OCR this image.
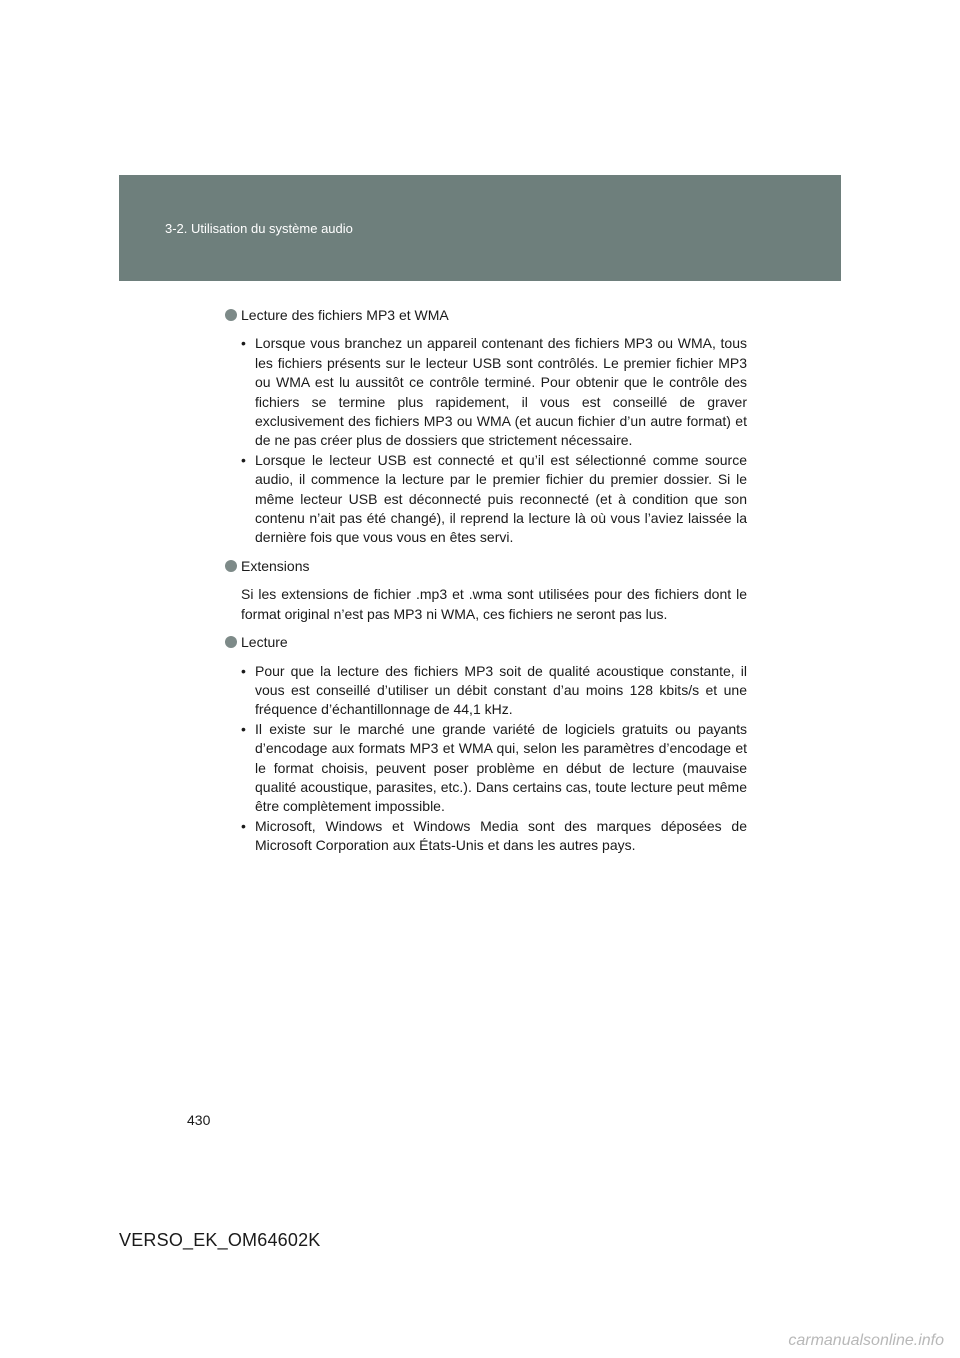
3-2. Utilisation du système audio
Lecture des fichiers MP3 et WMA
• Lorsque vous branchez un appareil contenant des fichiers MP3 ou WMA, tous les fichiers présents sur le lecteur USB sont contrôlés. Le premier fichier MP3 ou WMA est lu aussitôt ce contrôle terminé. Pour obtenir que le contrôle des fichiers se termine plus rapidement, il vous est conseillé de graver exclusivement des fichiers MP3 ou WMA (et aucun fichier d’un autre format) et de ne pas créer plus de dossiers que strictement nécessaire.
• Lorsque le lecteur USB est connecté et qu’il est sélectionné comme source audio, il commence la lecture par le premier fichier du premier dossier. Si le même lecteur USB est déconnecté puis reconnecté (et à condition que son contenu n’ait pas été changé), il reprend la lecture là où vous l’aviez laissée la dernière fois que vous vous en êtes servi.
Extensions

Si les extensions de fichier .mp3 et .wma sont utilisées pour des fichiers dont le format original n’est pas MP3 ni WMA, ces fichiers ne seront pas lus.

Lecture
• Pour que la lecture des fichiers MP3 soit de qualité acoustique constante, il vous est conseillé d’utiliser un débit constant d’au moins 128 kbits/s et une fréquence d’échantillonnage de 44,1 kHz.
• Il existe sur le marché une grande variété de logiciels gratuits ou payants d’encodage aux formats MP3 et WMA qui, selon les paramètres d’encodage et le format choisis, peuvent poser problème en début de lecture (mauvaise qualité acoustique, parasites, etc.). Dans certains cas, toute lecture peut même être complètement impossible.
• Microsoft, Windows et Windows Media sont des marques déposées de Microsoft Corporation aux États-Unis et dans les autres pays.
430
VERSO_EK_OM64602K
carmanualsonline.info
